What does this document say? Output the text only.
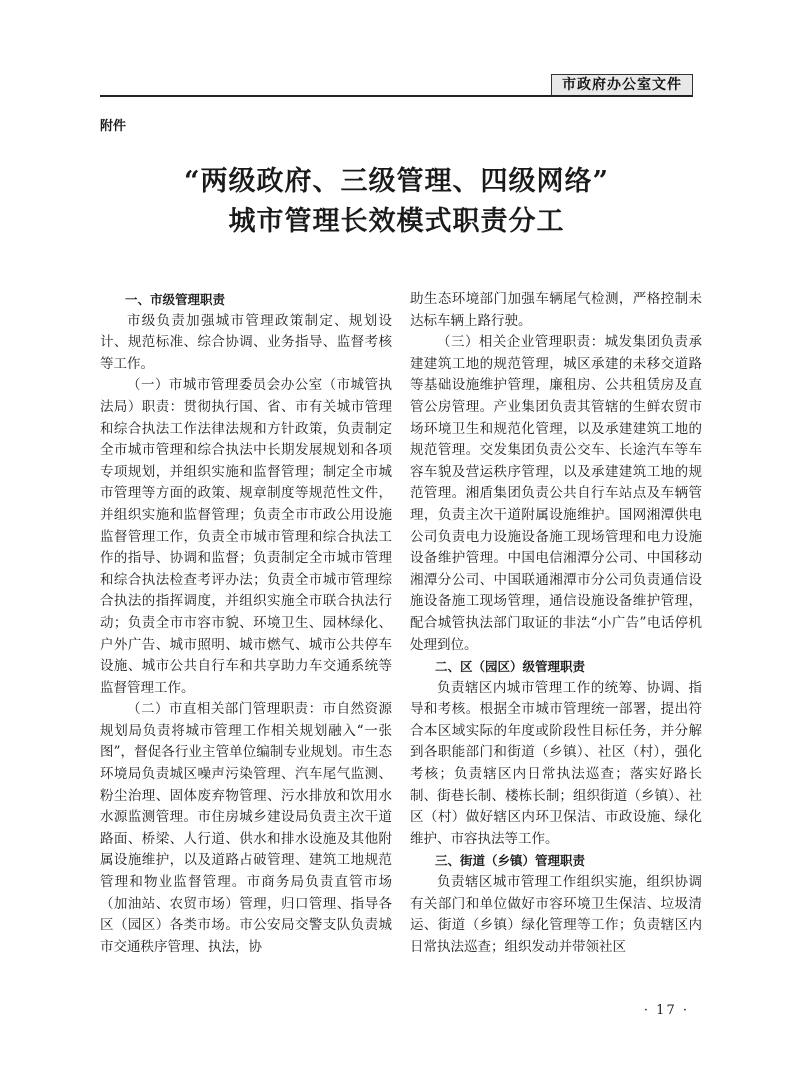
市政府办公室文件
附件
“两级政府、三级管理、四级网络”
城市管理长效模式职责分工
一、市级管理职责

市级负责加强城市管理政策制定、规划设计、规范标准、综合协调、业务指导、监督考核等工作。

（一）市城市管理委员会办公室（市城管执法局）职责：贯彻执行国、省、市有关城市管理和综合执法工作法律法规和方针政策，负责制定全市城市管理和综合执法中长期发展规划和各项专项规划，并组织实施和监督管理；制定全市城市管理等方面的政策、规章制度等规范性文件，并组织实施和监督管理；负责全市市政公用设施监督管理工作，负责全市城市管理和综合执法工作的指导、协调和监督；负责制定全市城市管理和综合执法检查考评办法；负责全市城市管理综合执法的指挥调度，并组织实施全市联合执法行动；负责全市市容市貌、环境卫生、园林绿化、户外广告、城市照明、城市燃气、城市公共停车设施、城市公共自行车和共享助力车交通系统等监督管理工作。

（二）市直相关部门管理职责：市自然资源规划局负责将城市管理工作相关规划融入“一张图”，督促各行业主管单位编制专业规划。市生态环境局负责城区噪声污染管理、汽车尾气监测、粉尘治理、固体废弃物管理、污水排放和饮用水水源监测管理。市住房城乡建设局负责主次干道路面、桥梁、人行道、供水和排水设施及其他附属设施维护，以及道路占破管理、建筑工地规范管理和物业监督管理。市商务局负责直管市场（加油站、农贸市场）管理，归口管理、指导各区（园区）各类市场。市公安局交警支队负责城市交通秩序管理、执法，协

助生态环境部门加强车辆尾气检测，严格控制未达标车辆上路行驶。

（三）相关企业管理职责：城发集团负责承建建筑工地的规范管理，城区承建的未移交道路等基础设施维护管理，廉租房、公共租赁房及直管公房管理。产业集团负责其管辖的生鲜农贸市场环境卫生和规范化管理，以及承建建筑工地的规范管理。交发集团负责公交车、长途汽车等车容车貌及营运秩序管理，以及承建建筑工地的规范管理。湘盾集团负责公共自行车站点及车辆管理，负责主次干道附属设施维护。国网湘潭供电公司负责电力设施设备施工现场管理和电力设施设备维护管理。中国电信湘潭分公司、中国移动湘潭分公司、中国联通湘潭市分公司负责通信设施设备施工现场管理，通信设施设备维护管理，配合城管执法部门取证的非法“小广告”电话停机处理到位。

二、区（园区）级管理职责

负责辖区内城市管理工作的统筹、协调、指导和考核。根据全市城市管理统一部署，提出符合本区域实际的年度或阶段性目标任务，并分解到各职能部门和街道（乡镇）、社区（村），强化考核；负责辖区内日常执法巡查；落实好路长制、街巷长制、楼栋长制；组织街道（乡镇）、社区（村）做好辖区内环卫保洁、市政设施、绿化维护、市容执法等工作。

三、街道（乡镇）管理职责

负责辖区城市管理工作组织实施，组织协调有关部门和单位做好市容环境卫生保洁、垃圾清运、街道（乡镇）绿化管理等工作；负责辖区内日常执法巡查；组织发动并带领社区

· 17 ·
